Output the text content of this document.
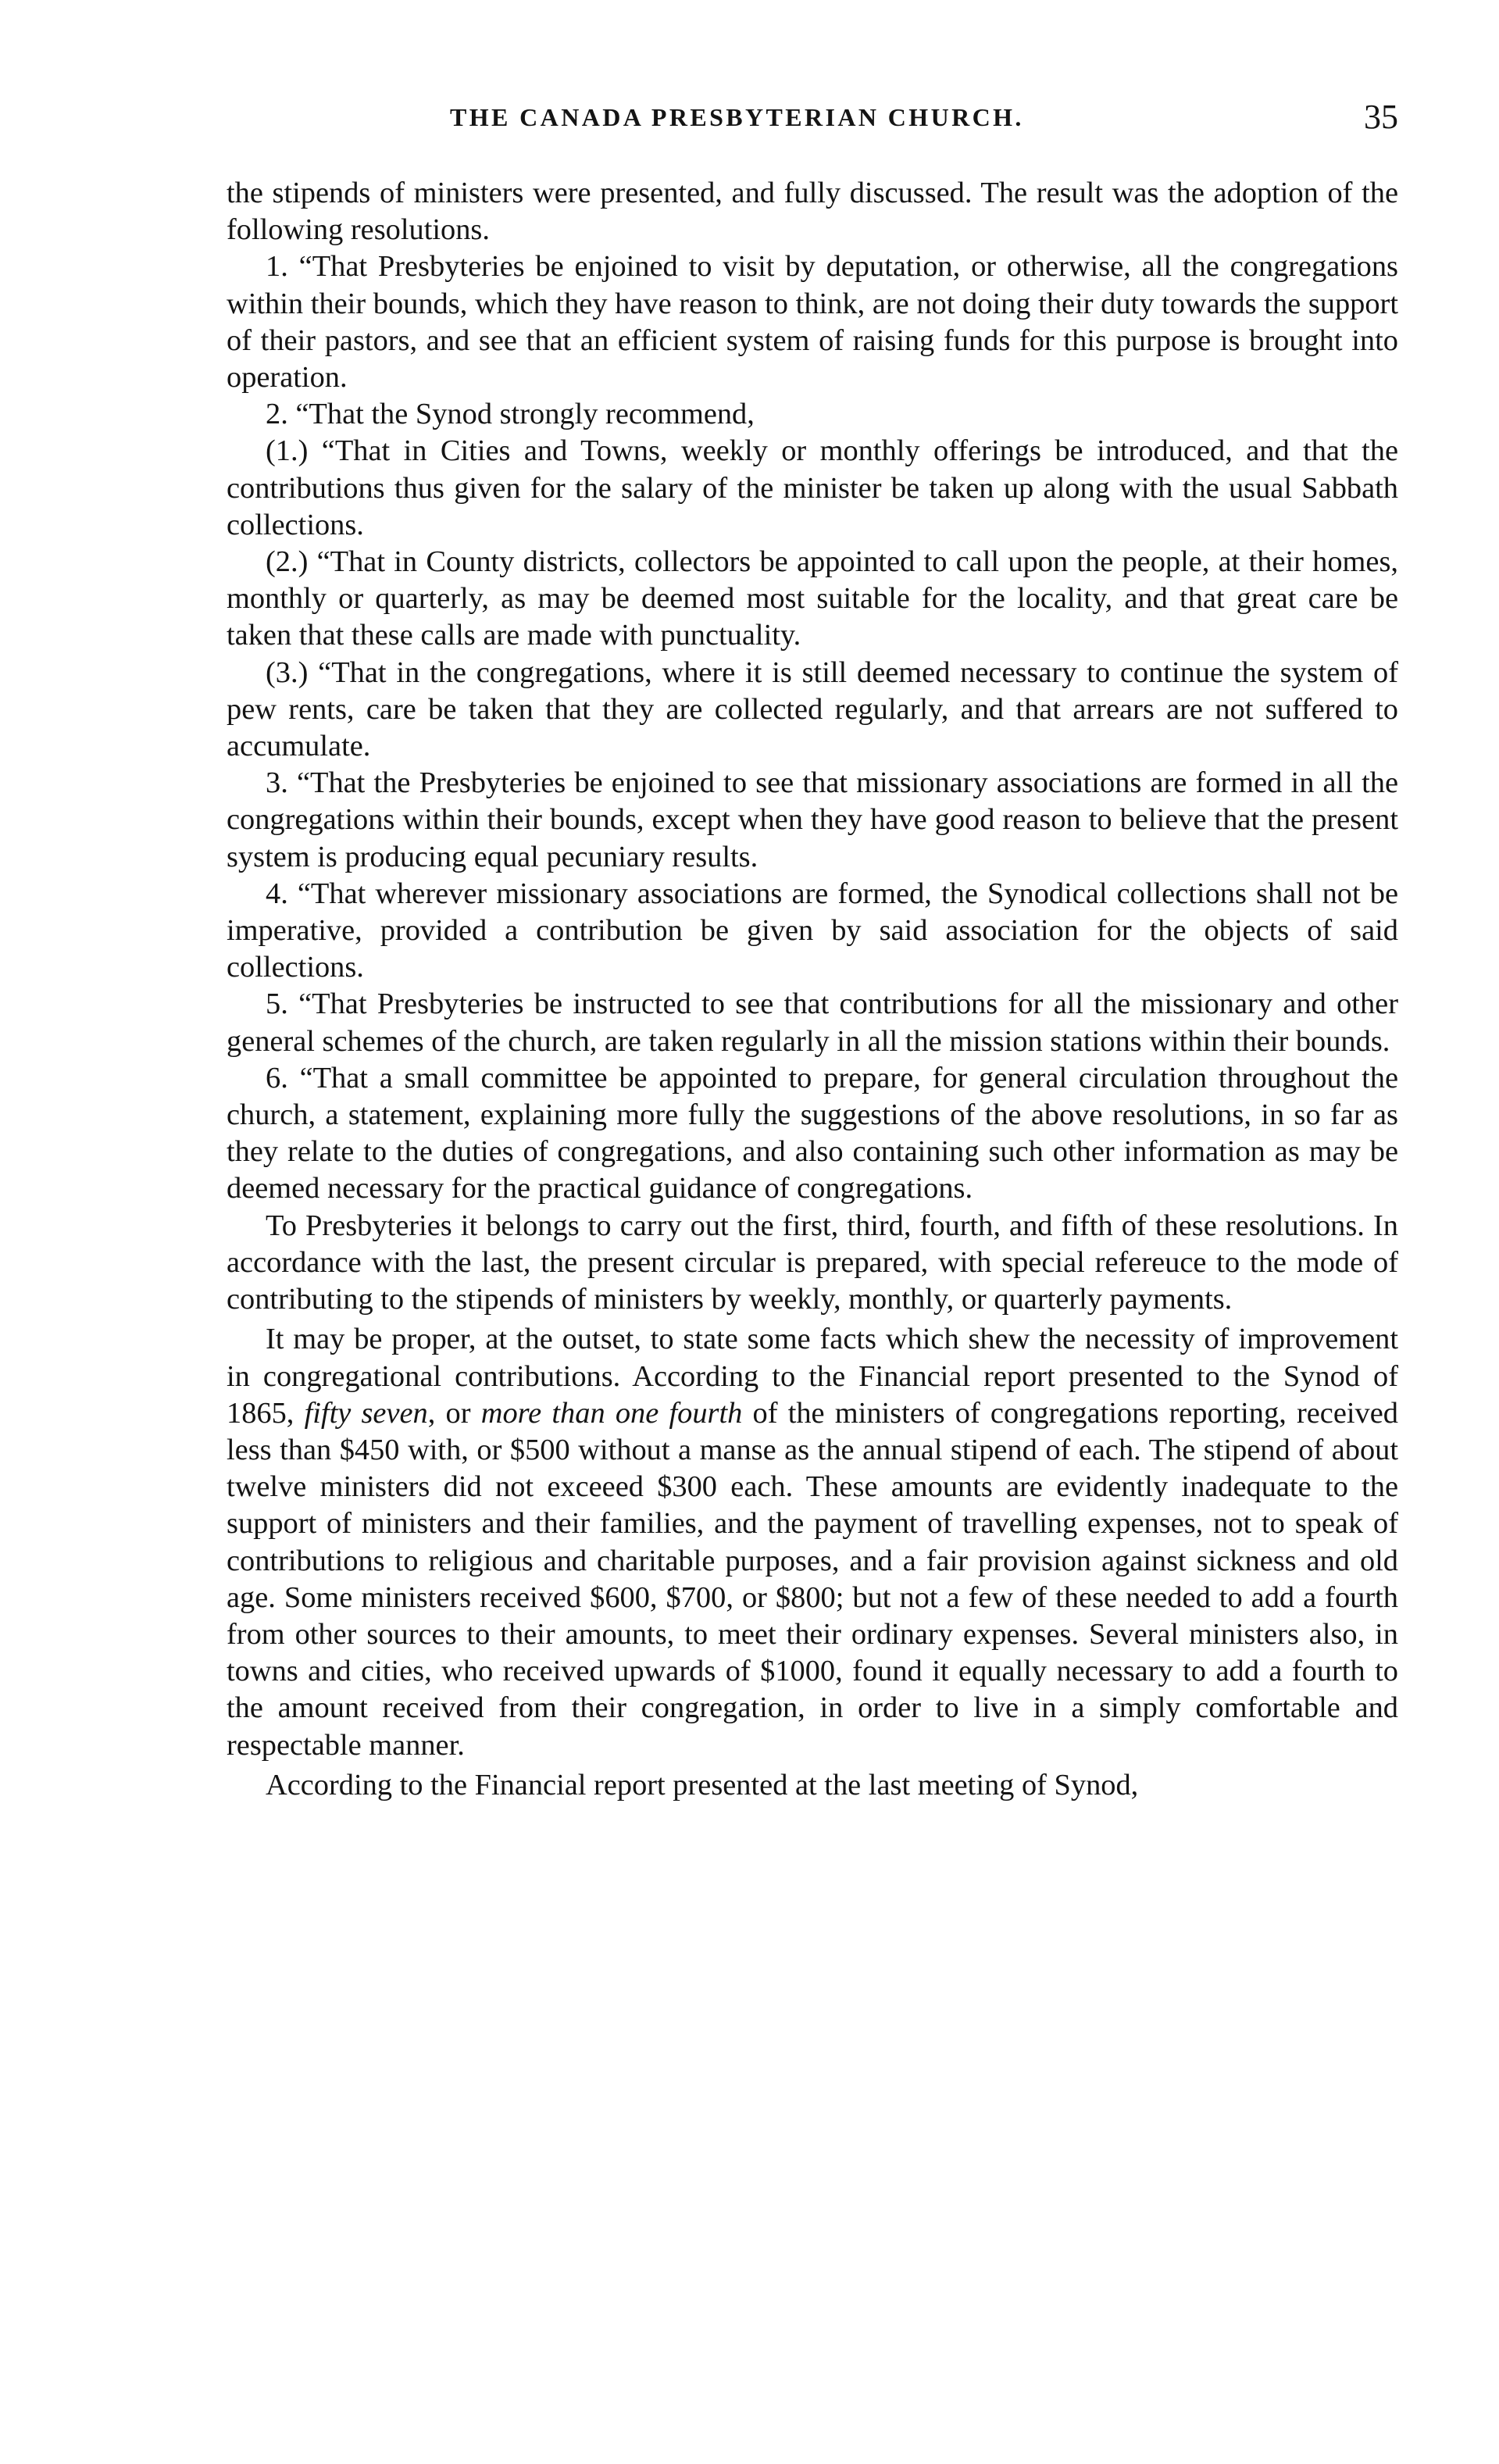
THE CANADA PRESBYTERIAN CHURCH.	35

the stipends of ministers were presented, and fully discussed. The result was the adoption of the following resolutions.

1. “That Presbyteries be enjoined to visit by deputation, or otherwise, all the congregations within their bounds, which they have reason to think, are not doing their duty towards the support of their pastors, and see that an efficient system of raising funds for this purpose is brought into operation.

2. “That the Synod strongly recommend,

(1.) “That in Cities and Towns, weekly or monthly offerings be introduced, and that the contributions thus given for the salary of the minister be taken up along with the usual Sabbath collections.

(2.) “That in County districts, collectors be appointed to call upon the people, at their homes, monthly or quarterly, as may be deemed most suitable for the locality, and that great care be taken that these calls are made with punctuality.

(3.) “That in the congregations, where it is still deemed necessary to continue the system of pew rents, care be taken that they are collected regularly, and that arrears are not suffered to accumulate.

3. “That the Presbyteries be enjoined to see that missionary associations are formed in all the congregations within their bounds, except when they have good reason to believe that the present system is producing equal pecuniary results.

4. “That wherever missionary associations are formed, the Synodical collections shall not be imperative, provided a contribution be given by said association for the objects of said collections.

5. “That Presbyteries be instructed to see that contributions for all the missionary and other general schemes of the church, are taken regularly in all the mission stations within their bounds.

6. “That a small committee be appointed to prepare, for general circulation throughout the church, a statement, explaining more fully the suggestions of the above resolutions, in so far as they relate to the duties of congregations, and also containing such other information as may be deemed necessary for the practical guidance of congregations.

To Presbyteries it belongs to carry out the first, third, fourth, and fifth of these resolutions. In accordance with the last, the present circular is prepared, with special refereuce to the mode of contributing to the stipends of ministers by weekly, monthly, or quarterly payments.

It may be proper, at the outset, to state some facts which shew the necessity of improvement in congregational contributions. According to the Financial report presented to the Synod of 1865, fifty seven, or more than one fourth of the ministers of congregations reporting, received less than $450 with, or $500 without a manse as the annual stipend of each. The stipend of about twelve ministers did not exceeed $300 each. These amounts are evidently inadequate to the support of ministers and their families, and the payment of travelling expenses, not to speak of contributions to religious and charitable purposes, and a fair provision against sickness and old age. Some ministers received $600, $700, or $800; but not a few of these needed to add a fourth from other sources to their amounts, to meet their ordinary expenses. Several ministers also, in towns and cities, who received upwards of $1000, found it equally necessary to add a fourth to the amount received from their congregation, in order to live in a simply comfortable and respectable manner.

According to the Financial report presented at the last meeting of Synod,
